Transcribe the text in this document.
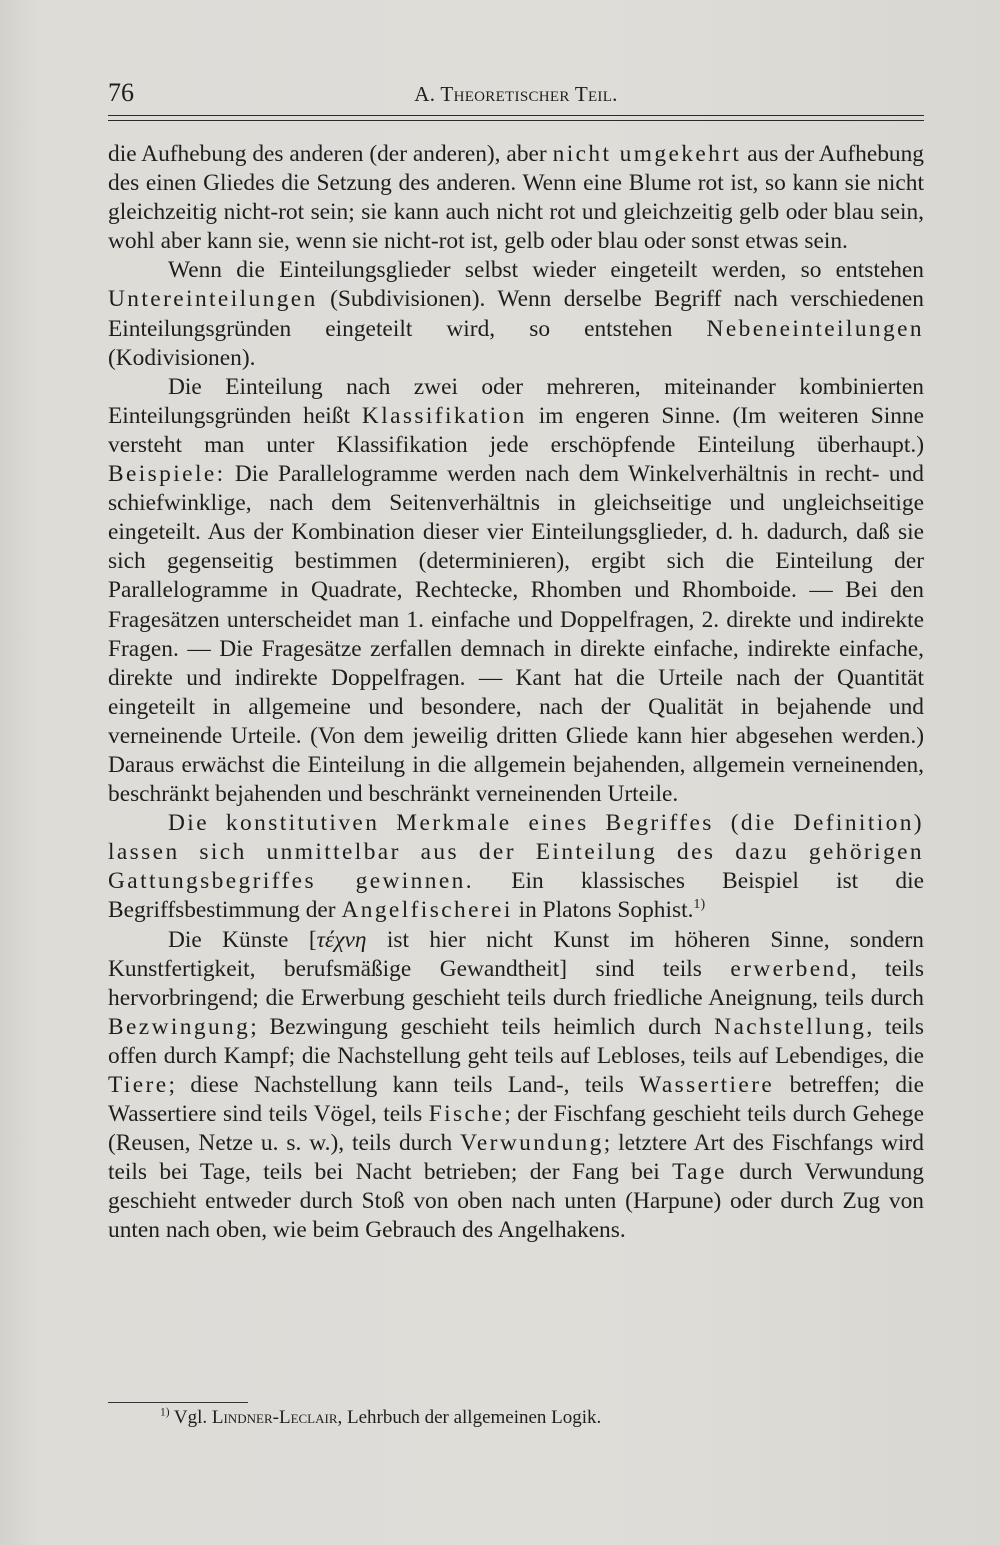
76	A. Theoretischer Teil.

die Aufhebung des anderen (der anderen), aber nicht umgekehrt aus der Aufhebung des einen Gliedes die Setzung des anderen. Wenn eine Blume rot ist, so kann sie nicht gleichzeitig nicht-rot sein; sie kann auch nicht rot und gleichzeitig gelb oder blau sein, wohl aber kann sie, wenn sie nicht-rot ist, gelb oder blau oder sonst etwas sein.

Wenn die Einteilungsglieder selbst wieder eingeteilt werden, so entstehen Untereinteilungen (Subdivisionen). Wenn derselbe Begriff nach verschiedenen Einteilungsgründen eingeteilt wird, so entstehen Nebeneinteilungen (Kodivisionen).

Die Einteilung nach zwei oder mehreren, miteinander kombinierten Einteilungsgründen heißt Klassifikation im engeren Sinne. (Im weiteren Sinne versteht man unter Klassifikation jede erschöpfende Einteilung überhaupt.) Beispiele: Die Parallelogramme werden nach dem Winkelverhältnis in recht- und schiefwinklige, nach dem Seitenverhältnis in gleichseitige und ungleichseitige eingeteilt. Aus der Kombination dieser vier Einteilungsglieder, d. h. dadurch, daß sie sich gegenseitig bestimmen (determinieren), ergibt sich die Einteilung der Parallelogramme in Quadrate, Rechtecke, Rhomben und Rhomboide. — Bei den Fragesätzen unterscheidet man 1. einfache und Doppelfragen, 2. direkte und indirekte Fragen. — Die Fragesätze zerfallen demnach in direkte einfache, indirekte einfache, direkte und indirekte Doppelfragen. — Kant hat die Urteile nach der Quantität eingeteilt in allgemeine und besondere, nach der Qualität in bejahende und verneinende Urteile. (Von dem jeweilig dritten Gliede kann hier abgesehen werden.) Daraus erwächst die Einteilung in die allgemein bejahenden, allgemein verneinenden, beschränkt bejahenden und beschränkt verneinenden Urteile.

Die konstitutiven Merkmale eines Begriffes (die Definition) lassen sich unmittelbar aus der Einteilung des dazu gehörigen Gattungsbegriffes gewinnen. Ein klassisches Beispiel ist die Begriffsbestimmung der Angelfischerei in Platons Sophist.$^{1)}$

Die Künste [τέχνη ist hier nicht Kunst im höheren Sinne, sondern Kunstfertigkeit, berufsmäßige Gewandtheit] sind teils erwerbend, teils hervorbringend; die Erwerbung geschieht teils durch friedliche Aneignung, teils durch Bezwingung; Bezwingung geschieht teils heimlich durch Nachstellung, teils offen durch Kampf; die Nachstellung geht teils auf Lebloses, teils auf Lebendiges, die Tiere; diese Nachstellung kann teils Land-, teils Wassertiere betreffen; die Wassertiere sind teils Vögel, teils Fische; der Fischfang geschieht teils durch Gehege (Reusen, Netze u. s. w.), teils durch Verwundung; letztere Art des Fischfangs wird teils bei Tage, teils bei Nacht betrieben; der Fang bei Tage durch Verwundung geschieht entweder durch Stoß von oben nach unten (Harpune) oder durch Zug von unten nach oben, wie beim Gebrauch des Angelhakens.

$^{1)}$ Vgl. Lindner-Leclair, Lehrbuch der allgemeinen Logik.
